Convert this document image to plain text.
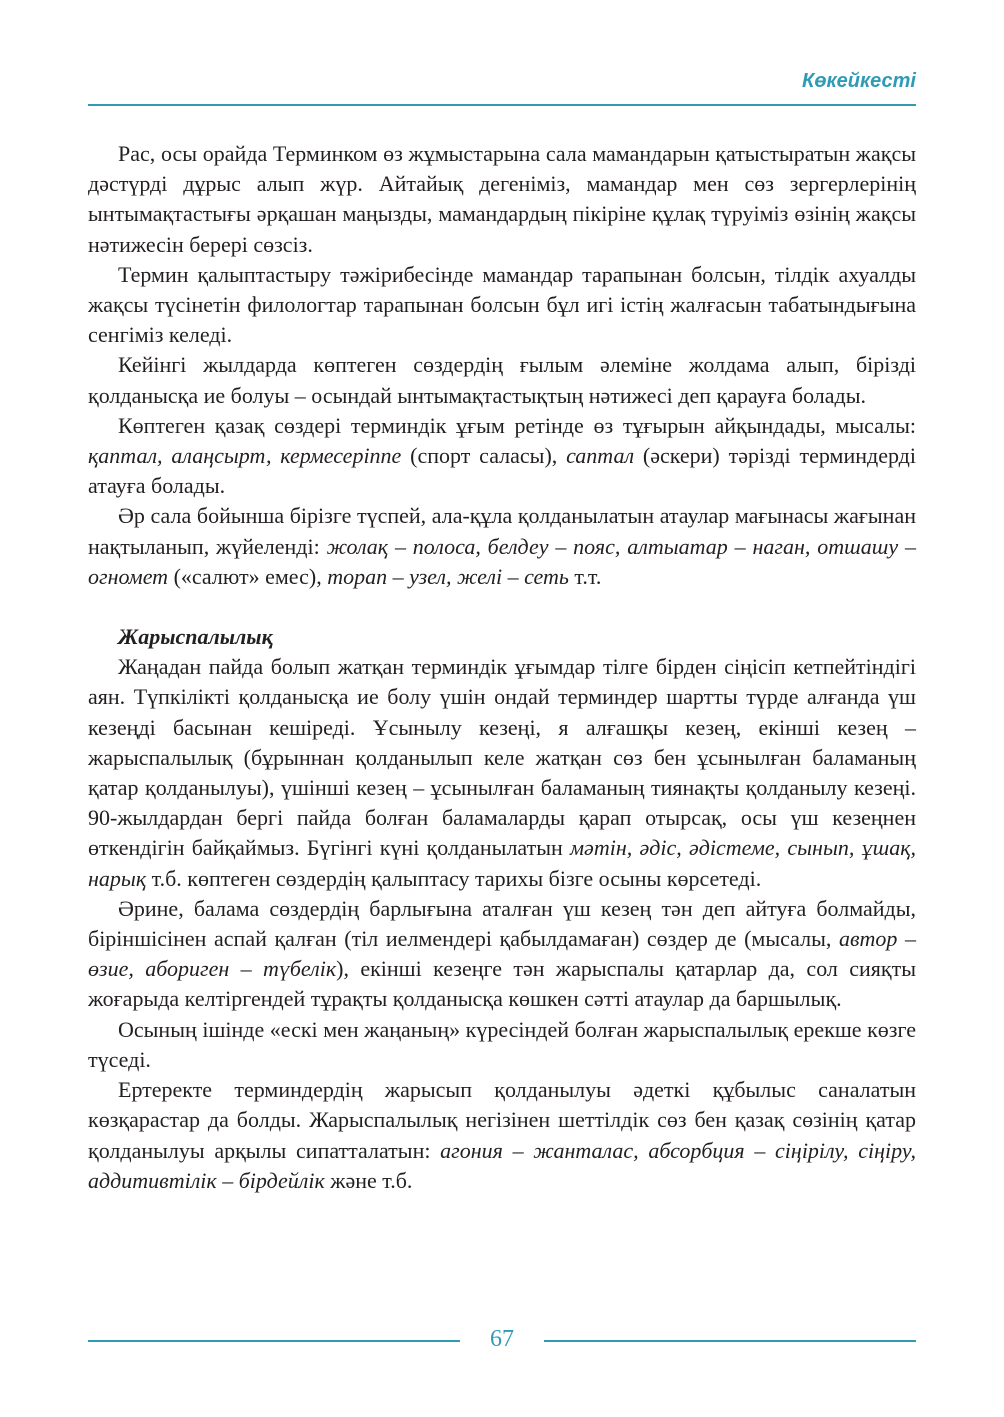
Көкейкесті

Рас, осы орайда Терминком өз жұмыстарына сала мамандарын қатыстыратын жақсы дәстүрді дұрыс алып жүр. Айтайық дегеніміз, мамандар мен сөз зергерлерінің ынтымақтастығы әрқашан маңызды, мамандардың пікіріне құлақ түруіміз өзінің жақсы нәтижесін берері сөзсіз.

Термин қалыптастыру тәжірибесінде мамандар тарапынан болсын, тілдік ахуалды жақсы түсінетін филологтар тарапынан болсын бұл игі істің жалғасын табатындығына сенгіміз келеді.

Кейінгі жылдарда көптеген сөздердің ғылым әлеміне жолдама алып, бірізді қолданысқа ие болуы – осындай ынтымақтастықтың нәтижесі деп қарауға болады.

Көптеген қазақ сөздері терминдік ұғым ретінде өз тұғырын айқындады, мысалы: қаптал, алаңсырт, кермесеріппе (спорт саласы), саптал (әскери) тәрізді терминдерді атауға болады.

Әр сала бойынша бірізге түспей, ала-құла қолданылатын атаулар мағынасы жағынан нақтыланып, жүйеленді: жолақ – полоса, белдеу – пояс, алтыатар – наган, отшашу – огномет («салют» емес), торап – узел, желі – сеть т.т.

Жарыспалылық

Жаңадан пайда болып жатқан терминдік ұғымдар тілге бірден сіңісіп кетпейтіндігі аян. Түпкілікті қолданысқа ие болу үшін ондай терминдер шартты түрде алғанда үш кезеңді басынан кешіреді. Ұсынылу кезеңі, я алғашқы кезең, екінші кезең – жарыспалылық (бұрыннан қолданылып келе жатқан сөз бен ұсынылған баламаның қатар қолданылуы), үшінші кезең – ұсынылған баламаның тиянақты қолданылу кезеңі. 90-жылдардан бергі пайда болған баламаларды қарап отырсақ, осы үш кезеңнен өткендігін байқаймыз. Бүгінгі күні қолданылатын мәтін, әдіс, әдістеме, сынып, ұшақ, нарық т.б. көптеген сөздердің қалыптасу тарихы бізге осыны көрсетеді.

Әрине, балама сөздердің барлығына аталған үш кезең тән деп айтуға болмайды, біріншісінен аспай қалған (тіл иелмендері қабылдамаған) сөздер де (мысалы, автор – өзие, абориген – түбелік), екінші кезеңге тән жарыспалы қатарлар да, сол сияқты жоғарыда келтіргендей тұрақты қолданысқа көшкен сәтті атаулар да баршылық.

Осының ішінде «ескі мен жаңаның» күресіндей болған жарыспалылық ерекше көзге түседі.

Ертеректе терминдердің жарысып қолданылуы әдеткі құбылыс саналатын көзқарастар да болды. Жарыспалылық негізінен шеттілдік сөз бен қазақ сөзінің қатар қолданылуы арқылы сипатталатын: агония – жанталас, абсорбция – сіңірілу, сіңіру, аддитивтілік – бірдейлік және т.б.

67
